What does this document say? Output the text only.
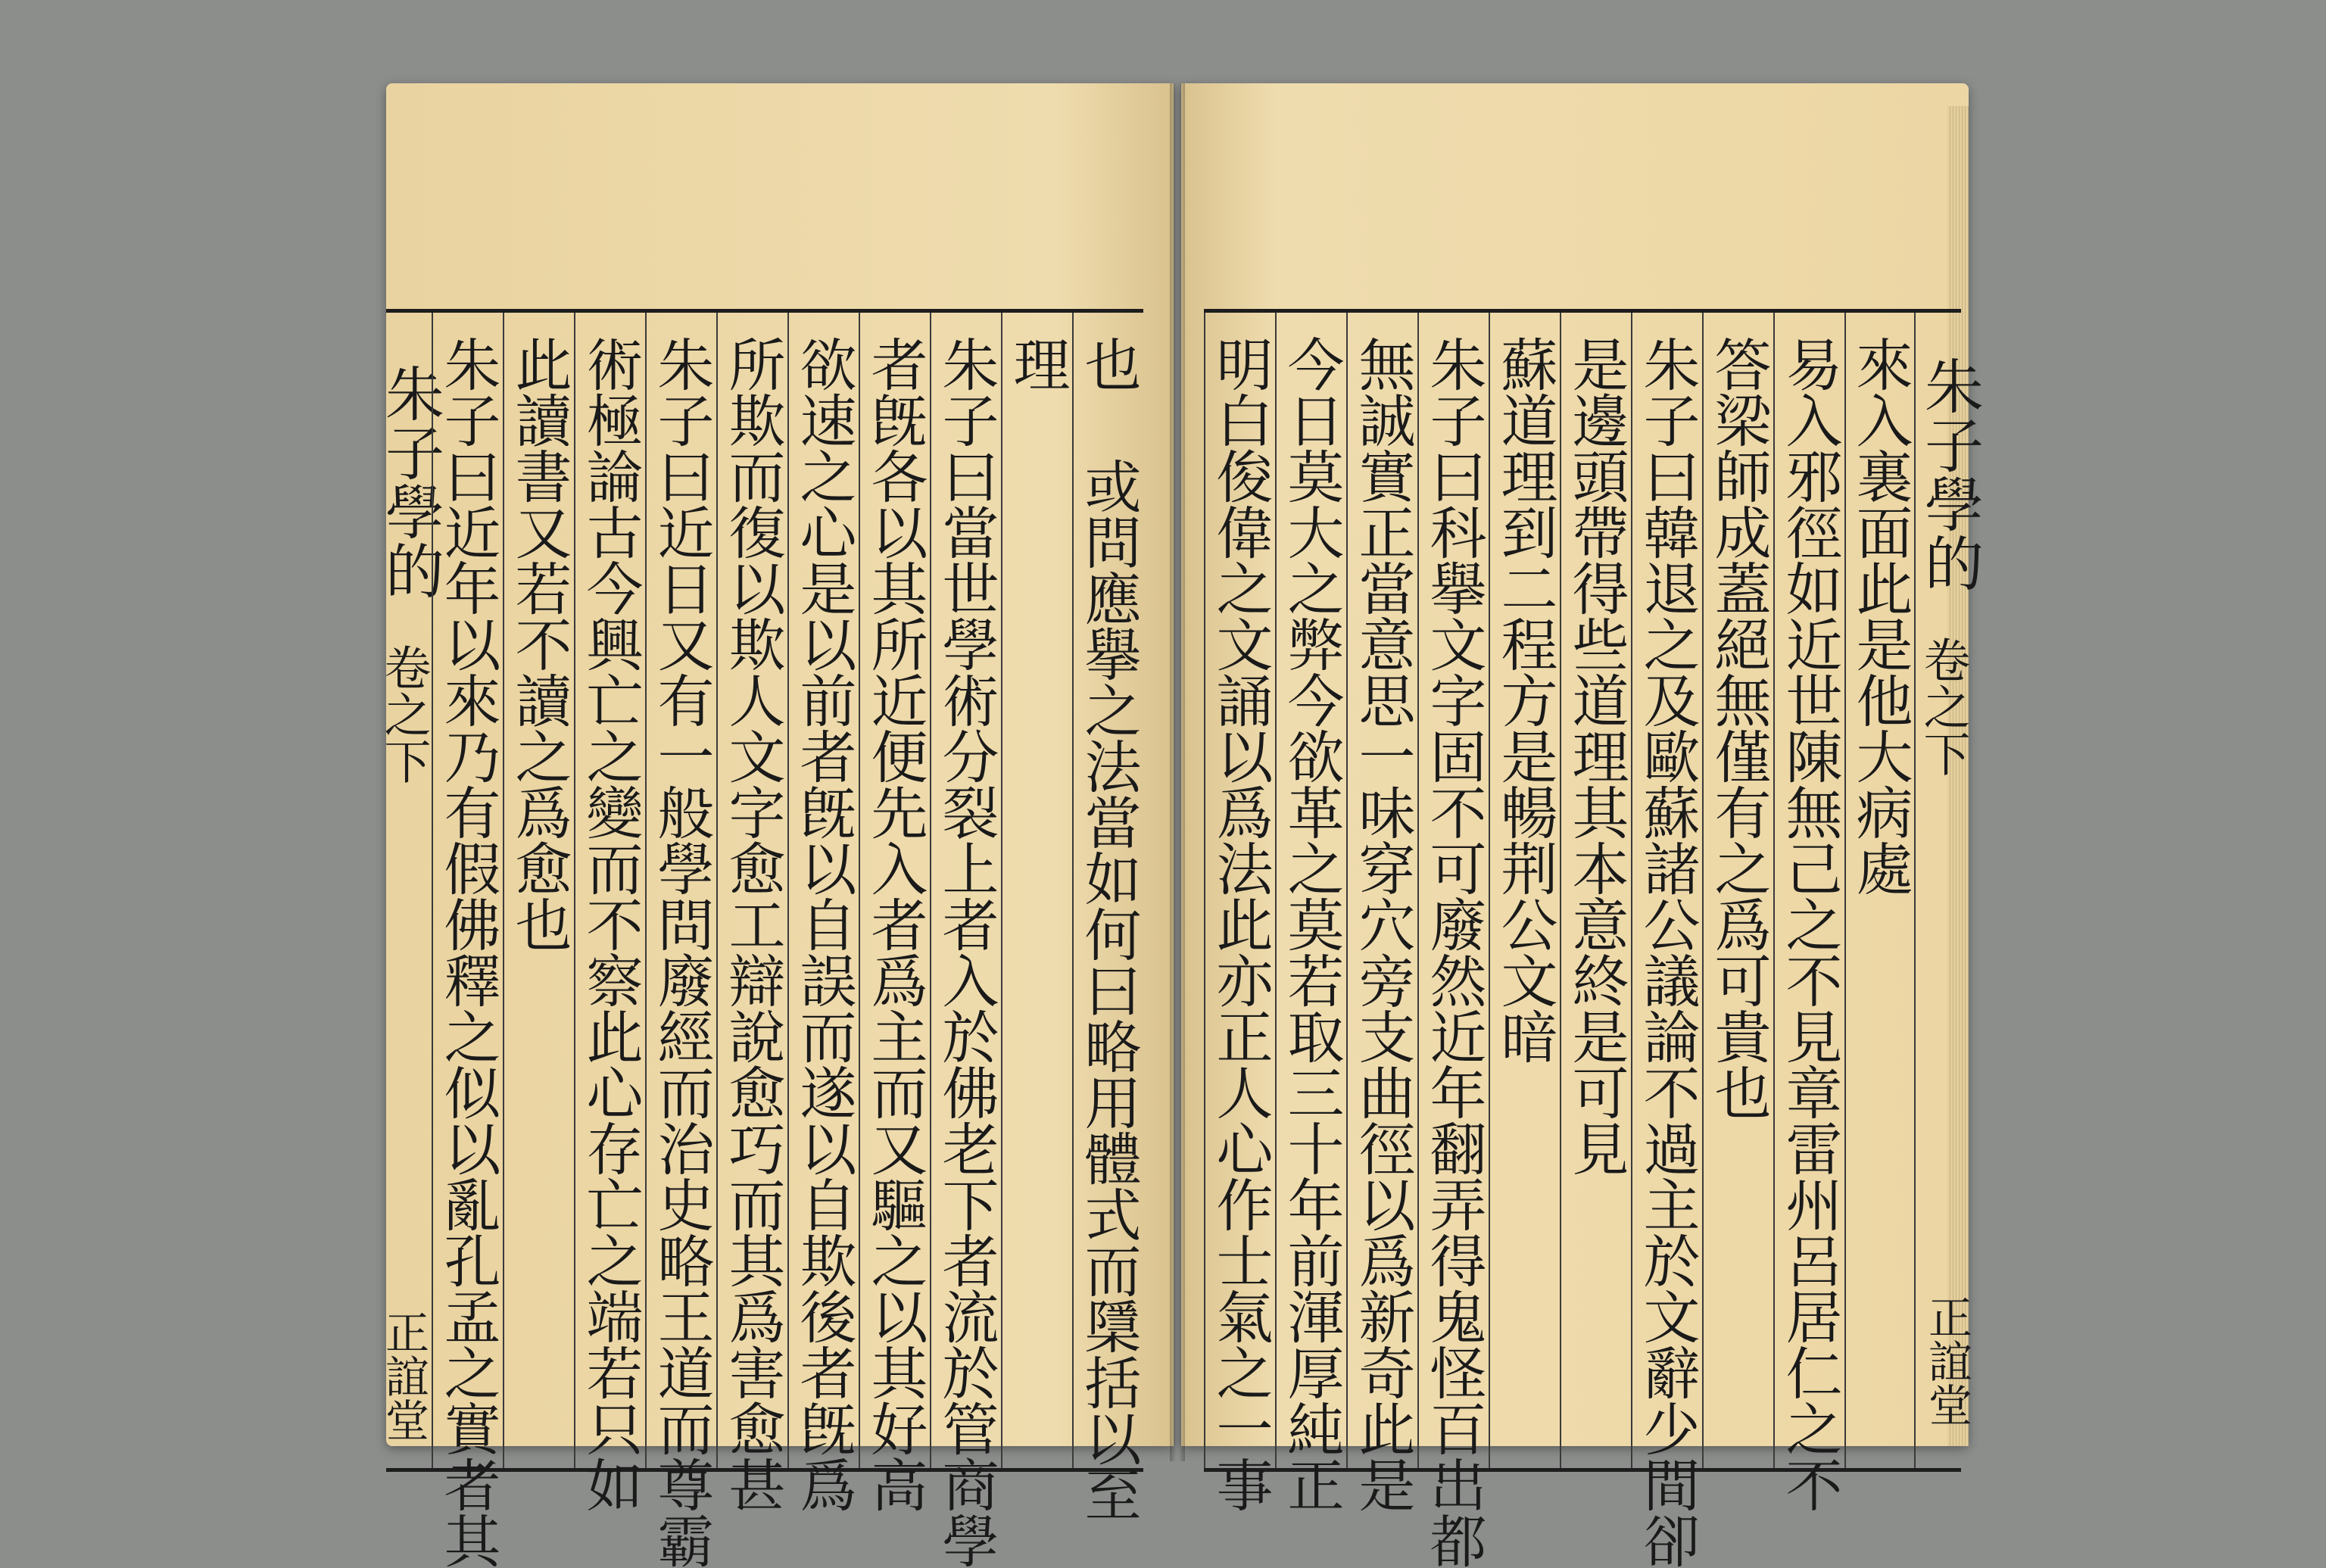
朱子學的
卷之下
正誼堂
朱子學的
卷之下
正誼堂
朱子曰近年以來乃有假佛釋之似以亂孔孟之實者其 此讀書又若不讀之爲愈也 術極論古今興亡之變而不察此心存亡之端若只如 朱子曰近日又有一般學問廢經而治史略王道而尊霸 所欺而復以欺人文字愈工辯說愈巧而其爲害愈甚 欲速之心是以前者旣以自誤而遂以自欺後者旣爲 者旣各以其所近便先入者爲主而又驅之以其好高 朱子曰當世學術分裂上者入於佛老下者流於管商學 理 也 或問應擧之法當如何曰略用體式而檃括以至 明白俊偉之文誦以爲法此亦正人心作士氣之一事 今日莫大之弊今欲革之莫若取三十年前渾厚純正 無誠實正當意思一味穿穴旁支曲徑以爲新奇此是 朱子曰科擧文字固不可廢然近年翻弄得鬼怪百出都 蘇道理到二程方是暢荆公文暗 是邊頭帶得些道理其本意終是可見 朱子曰韓退之及歐蘇諸公議論不過主於文辭少間卻 答梁師成蓋絕無僅有之爲可貴也 易入邪徑如近世陳無己之不見章雷州呂居仁之不 來入裏面此是他大病處
